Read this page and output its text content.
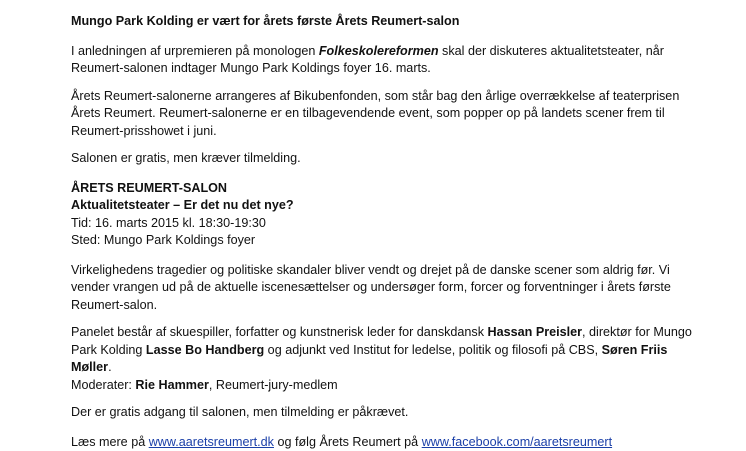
Mungo Park Kolding er vært for årets første Årets Reumert-salon

I anledningen af urpremieren på monologen Folkeskolereformen skal der diskuteres aktualitetsteater, når Reumert-salonen indtager Mungo Park Koldings foyer 16. marts.

Årets Reumert-salonerne arrangeres af Bikubenfonden, som står bag den årlige overrækkelse af teaterprisen Årets Reumert. Reumert-salonerne er en tilbagevendende event, som popper op på landets scener frem til Reumert-prisshowet i juni.

Salonen er gratis, men kræver tilmelding.

ÅRETS REUMERT-SALON

Aktualitetsteater – Er det nu det nye?

Tid: 16. marts 2015 kl. 18:30-19:30

Sted: Mungo Park Koldings foyer

Virkelighedens tragedier og politiske skandaler bliver vendt og drejet på de danske scener som aldrig før. Vi vender vrangen ud på de aktuelle iscenesættelser og undersøger form, forcer og forventninger i årets første Reumert-salon.

Panelet består af skuespiller, forfatter og kunstnerisk leder for danskdansk Hassan Preisler, direktør for Mungo Park Kolding Lasse Bo Handberg og adjunkt ved Institut for ledelse, politik og filosofi på CBS, Søren Friis Møller.

Moderater: Rie Hammer, Reumert-jury-medlem

Der er gratis adgang til salonen, men tilmelding er påkrævet.

Læs mere på www.aaretsreumert.dk og følg Årets Reumert på www.facebook.com/aaretsreumert
